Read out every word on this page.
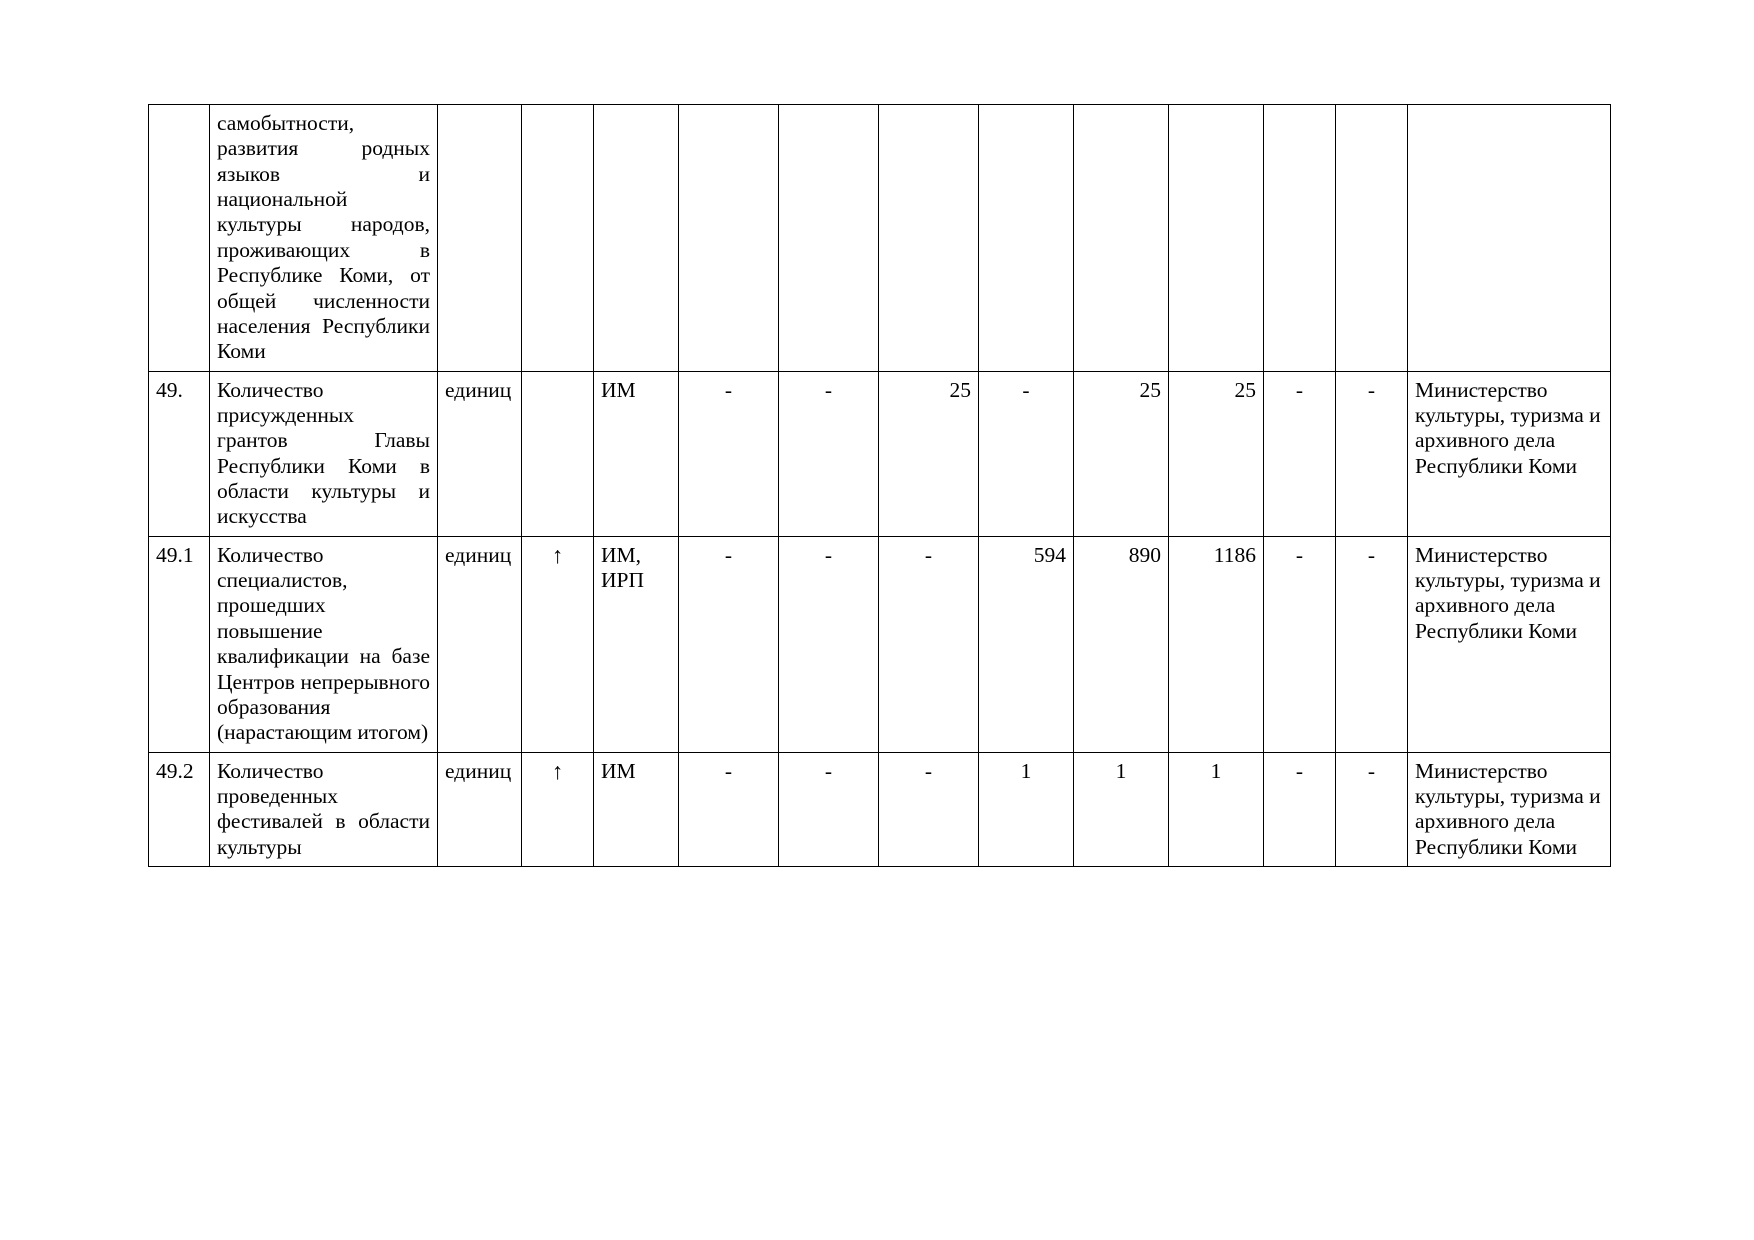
	самобытности, развития родных языков и национальной культуры народов, проживающих в Республике Коми, от общей численности населения Республики Коми												
49.	Количество присужденных грантов Главы Республики Коми в области культуры и искусства	единиц		ИМ	-	-	25	-	25	25	-	-	Министерство культуры, туризма и архивного дела Республики Коми
49.1	Количество специалистов, прошедших повышение квалификации на базе Центров непрерывного образования (нарастающим итогом)	единиц	↑	ИМ, ИРП	-	-	-	594	890	1186	-	-	Министерство культуры, туризма и архивного дела Республики Коми
49.2	Количество проведенных фестивалей в области культуры	единиц	↑	ИМ	-	-	-	1	1	1	-	-	Министерство культуры, туризма и архивного дела Республики Коми
